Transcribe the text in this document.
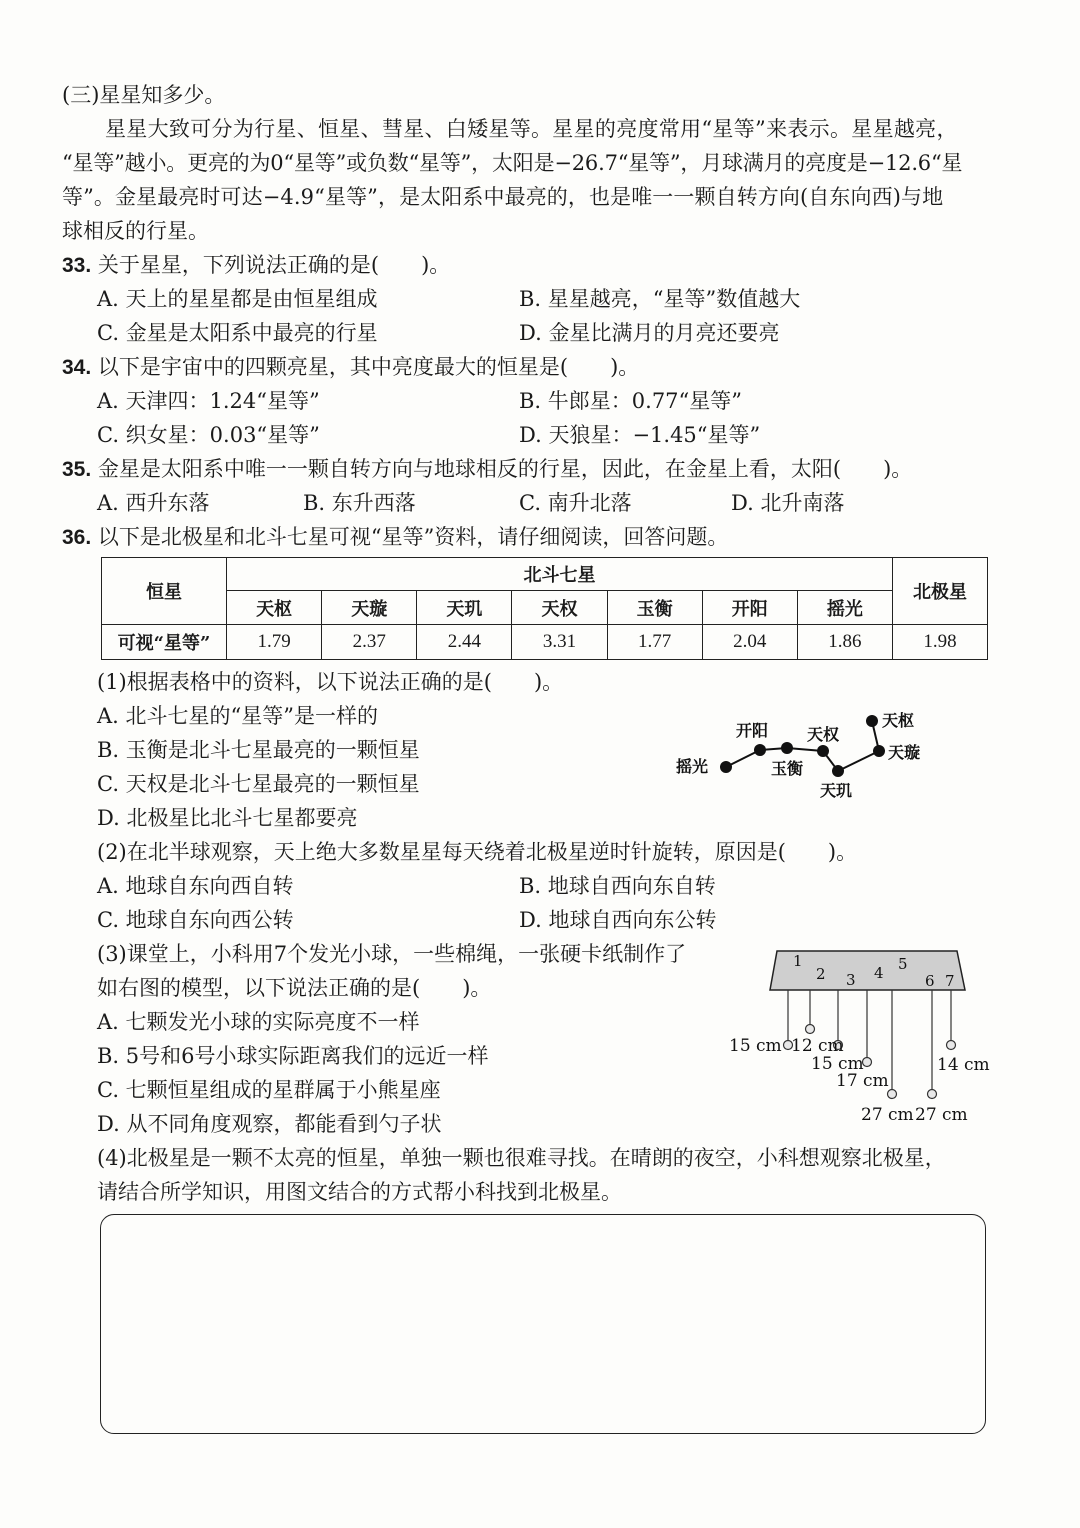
(三)星星知多少。
星星大致可分为行星、恒星、彗星、白矮星等。星星的亮度常用“星等”来表示。星星越亮，
“星等”越小。更亮的为0“星等”或负数“星等”，太阳是−26.7“星等”，月球满月的亮度是−12.6“星
等”。金星最亮时可达−4.9“星等”，是太阳系中最亮的，也是唯一一颗自转方向(自东向西)与地
球相反的行星。
33. 关于星星，下列说法正确的是(　　)。
A. 天上的星星都是由恒星组成	B. 星星越亮，“星等”数值越大
C. 金星是太阳系中最亮的行星	D. 金星比满月的月亮还要亮
34. 以下是宇宙中的四颗亮星，其中亮度最大的恒星是(　　)。
A. 天津四：1.24“星等”	B. 牛郎星：0.77“星等”
C. 织女星：0.03“星等”	D. 天狼星：−1.45“星等”
35. 金星是太阳系中唯一一颗自转方向与地球相反的行星，因此，在金星上看，太阳(　　)。
A. 西升东落	B. 东升西落	C. 南升北落	D. 北升南落
36. 以下是北极星和北斗七星可视“星等”资料，请仔细阅读，回答问题。
恒星	北斗七星							北极星
	天枢	天璇	天玑	天权	玉衡	开阳	摇光	
可视“星等”	1.79	2.37	2.44	3.31	1.77	2.04	1.86	1.98
(1)根据表格中的资料，以下说法正确的是(　　)。
A. 北斗七星的“星等”是一样的
B. 玉衡是北斗七星最亮的一颗恒星
C. 天权是北斗七星最亮的一颗恒星
D. 北极星比北斗七星都要亮
天枢
天璇
天玑
天权
玉衡
开阳
摇光
(2)在北半球观察，天上绝大多数星星每天绕着北极星逆时针旋转，原因是(　　)。
A. 地球自东向西自转	B. 地球自西向东自转
C. 地球自东向西公转	D. 地球自西向东公转
(3)课堂上，小科用7个发光小球，一些棉绳，一张硬卡纸制作了
如右图的模型，以下说法正确的是(　　)。
A. 七颗发光小球的实际亮度不一样
B. 5号和6号小球实际距离我们的远近一样
C. 七颗恒星组成的星群属于小熊星座
D. 从不同角度观察，都能看到勺子状
1
2 3 4 5
6 7
15 cm 12 cm
15 cm
17 cm
27 cm 27 cm
14 cm
(4)北极星是一颗不太亮的恒星，单独一颗也很难寻找。在晴朗的夜空，小科想观察北极星，
请结合所学知识，用图文结合的方式帮小科找到北极星。
